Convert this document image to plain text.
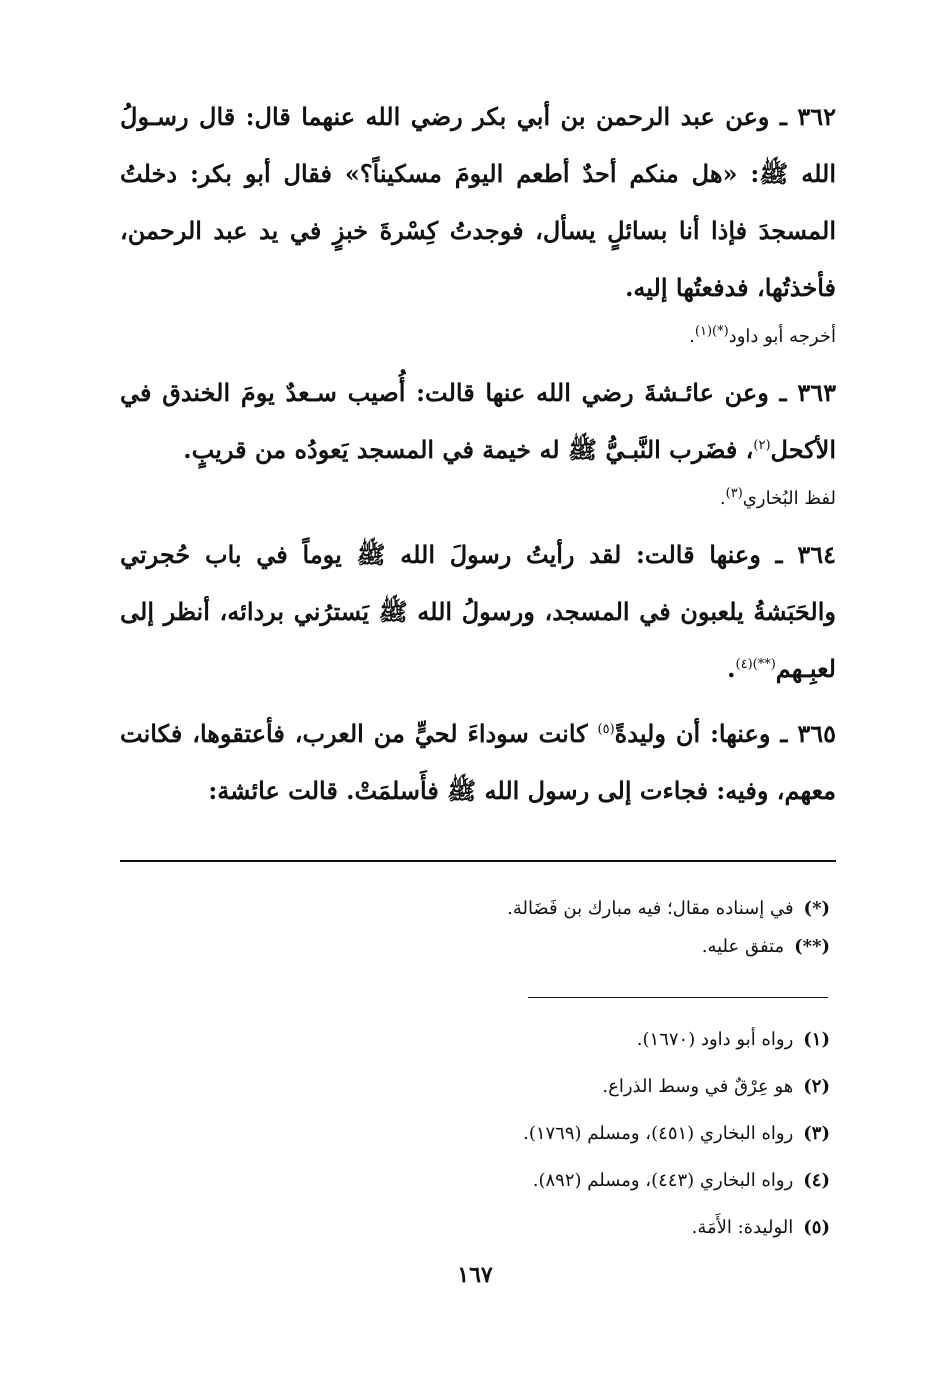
٣٦٢ ـ وعن عبد الرحمن بن أبي بكر رضي الله عنهما قال: قال رسـولُ الله ﷺ: «هل منكم أحدٌ أطعم اليومَ مسكيناً؟» فقال أبو بكر: دخلتُ المسجدَ فإذا أنا بسائلٍ يسأل، فوجدتُ كِسْرةَ خبزٍ في يد عبد الرحمن، فأخذتُها، فدفعتُها إليه.

أخرجه أبو داود$^{(*)(١)}$.

٣٦٣ ـ وعن عائـشةَ رضي الله عنها قالت: أُصيب سـعدٌ يومَ الخندق في الأكحل$^{(٢)}$، فضَرب النَّبـيُّ ﷺ له خيمة في المسجد يَعودُه من قريبٍ.

لفظ البُخاري$^{(٣)}$.

٣٦٤ ـ وعنها قالت: لقد رأيتُ رسولَ الله ﷺ يوماً في باب حُجرتي والحَبَشةُ يلعبون في المسجد، ورسولُ الله ﷺ يَسترُني بردائه، أنظر إلى لعبِـهم$^{(**)(٤)}$.

٣٦٥ ـ وعنها: أن وليدةً$^{(٥)}$ كانت سوداءَ لحيٍّ من العرب، فأعتقوها، فكانت معهم، وفيه: فجاءت إلى رسول الله ﷺ فأَسلمَتْ. قالت عائشة:

(*)في إسناده مقال؛ فيه مبارك بن فَضَالة.

(**)متفق عليه.

(١)رواه أبو داود (١٦٧٠).

(٢)هو عِرْقٌ في وسط الذراع.

(٣)رواه البخاري (٤٥١)، ومسلم (١٧٦٩).

(٤)رواه البخاري (٤٤٣)، ومسلم (٨٩٢).

(٥)الوليدة: الأَمَة.

١٦٧
